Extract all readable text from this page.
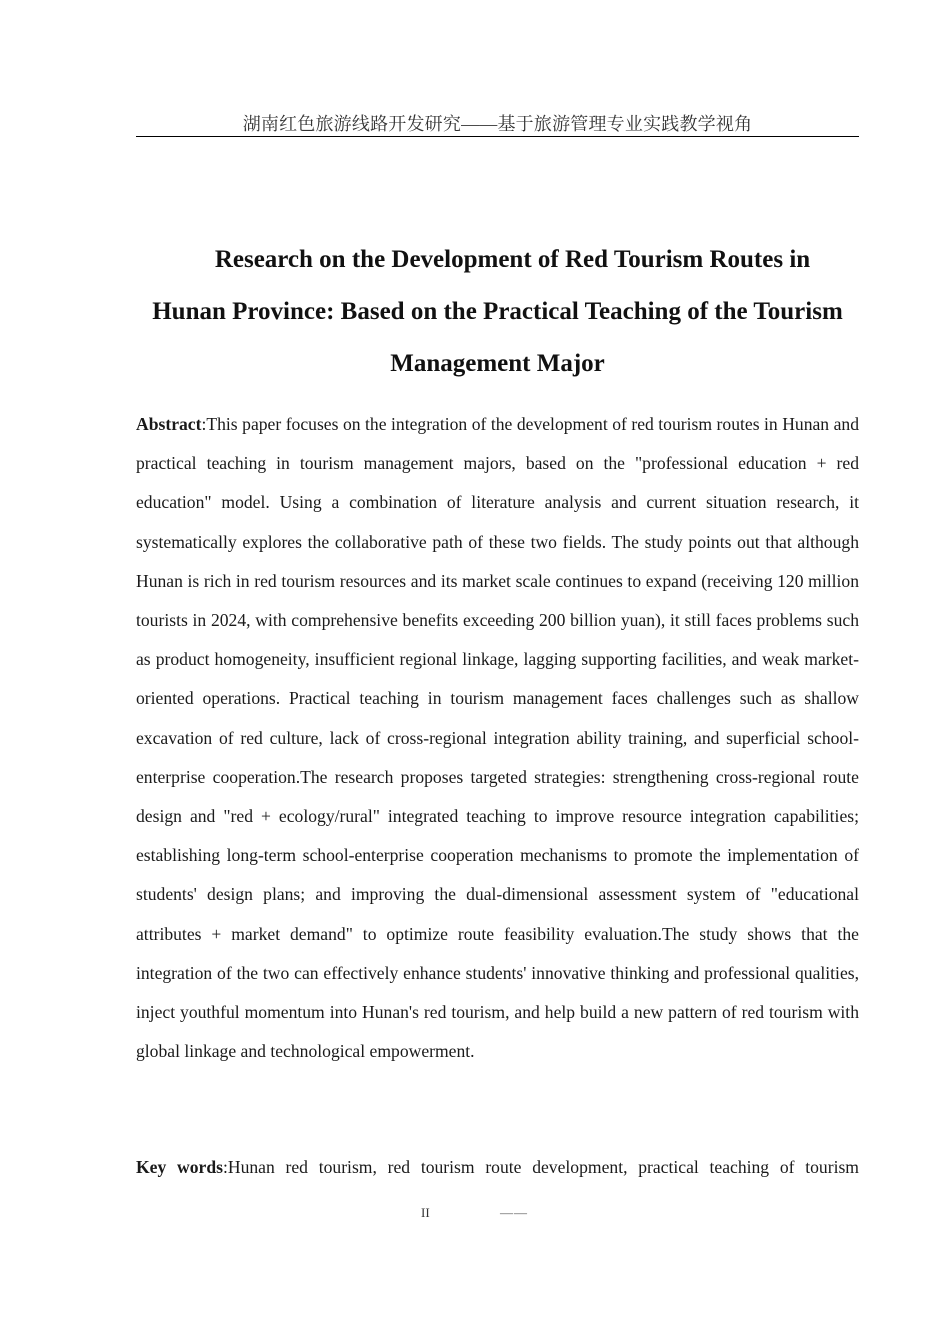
湖南红色旅游线路开发研究——基于旅游管理专业实践教学视角
Research on the Development of Red Tourism Routes in
Hunan Province: Based on the Practical Teaching of the Tourism
Management Major

Abstract:This paper focuses on the integration of the development of red tourism routes in Hunan and practical teaching in tourism management majors, based on the "professional education + red education" model. Using a combination of literature analysis and current situation research, it systematically explores the collaborative path of these two fields. The study points out that although Hunan is rich in red tourism resources and its market scale continues to expand (receiving 120 million tourists in 2024, with comprehensive benefits exceeding 200 billion yuan), it still faces problems such as product homogeneity, insufficient regional linkage, lagging supporting facilities, and weak market-oriented operations. Practical teaching in tourism management faces challenges such as shallow excavation of red culture, lack of cross-regional integration ability training, and superficial school-enterprise cooperation.The research proposes targeted strategies: strengthening cross-regional route design and "red + ecology/rural" integrated teaching to improve resource integration capabilities; establishing long-term school-enterprise cooperation mechanisms to promote the implementation of students' design plans; and improving the dual-dimensional assessment system of "educational attributes + market demand" to optimize route feasibility evaluation.The study shows that the integration of the two can effectively enhance students' innovative thinking and professional qualities, inject youthful momentum into Hunan's red tourism, and help build a new pattern of red tourism with global linkage and technological empowerment.

Key words:Hunan red tourism, red tourism route development, practical teaching of tourism

II	——
